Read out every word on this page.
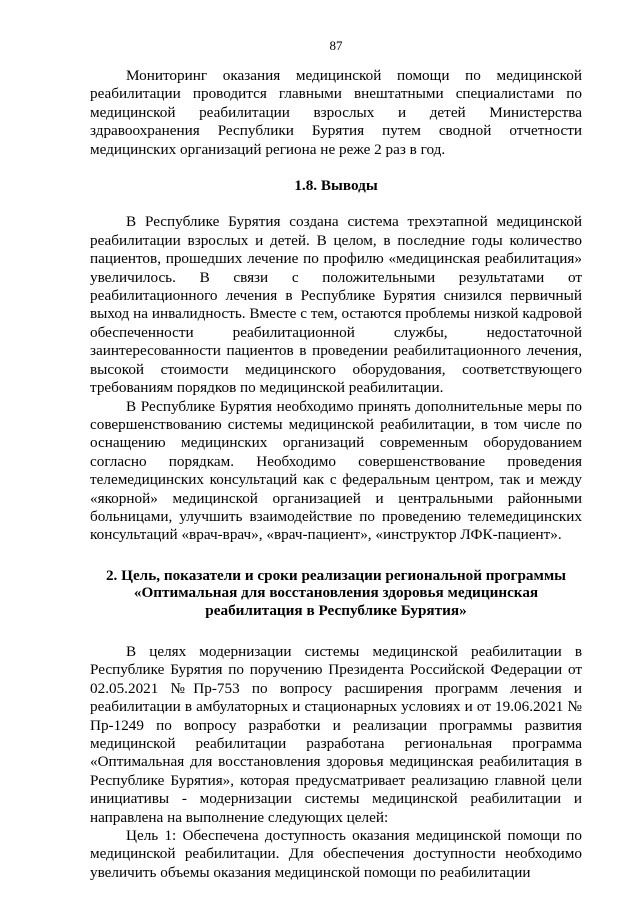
87

Мониторинг оказания медицинской помощи по медицинской реабилитации проводится главными внештатными специалистами по медицинской реабилитации взрослых и детей Министерства здравоохранения Республики Бурятия путем сводной отчетности медицинских организаций региона не реже 2 раз в год.

1.8. Выводы

В Республике Бурятия создана система трехэтапной медицинской реабилитации взрослых и детей. В целом, в последние годы количество пациентов, прошедших лечение по профилю «медицинская реабилитация» увеличилось. В связи с положительными результатами от реабилитационного лечения в Республике Бурятия снизился первичный выход на инвалидность. Вместе с тем, остаются проблемы низкой кадровой обеспеченности реабилитационной службы, недостаточной заинтересованности пациентов в проведении реабилитационного лечения, высокой стоимости медицинского оборудования, соответствующего требованиям порядков по медицинской реабилитации.

В Республике Бурятия необходимо принять дополнительные меры по совершенствованию системы медицинской реабилитации, в том числе по оснащению медицинских организаций современным оборудованием согласно порядкам. Необходимо совершенствование проведения телемедицинских консультаций как с федеральным центром, так и между «якорной» медицинской организацией и центральными районными больницами, улучшить взаимодействие по проведению телемедицинских консультаций «врач-врач», «врач-пациент», «инструктор ЛФК-пациент».

2. Цель, показатели и сроки реализации региональной программы
«Оптимальная для восстановления здоровья медицинская
реабилитация в Республике Бурятия»

В целях модернизации системы медицинской реабилитации в Республике Бурятия по поручению Президента Российской Федерации от 02.05.2021 №Пр-753 по вопросу расширения программ лечения и реабилитации в амбулаторных и стационарных условиях и от 19.06.2021 № Пр-1249 по вопросу разработки и реализации программы развития медицинской реабилитации разработана региональная программа «Оптимальная для восстановления здоровья медицинская реабилитация в Республике Бурятия», которая предусматривает реализацию главной цели инициативы - модернизации системы медицинской реабилитации и направлена на выполнение следующих целей:

Цель 1: Обеспечена доступность оказания медицинской помощи по медицинской реабилитации. Для обеспечения доступности необходимо увеличить объемы оказания медицинской помощи по реабилитации
